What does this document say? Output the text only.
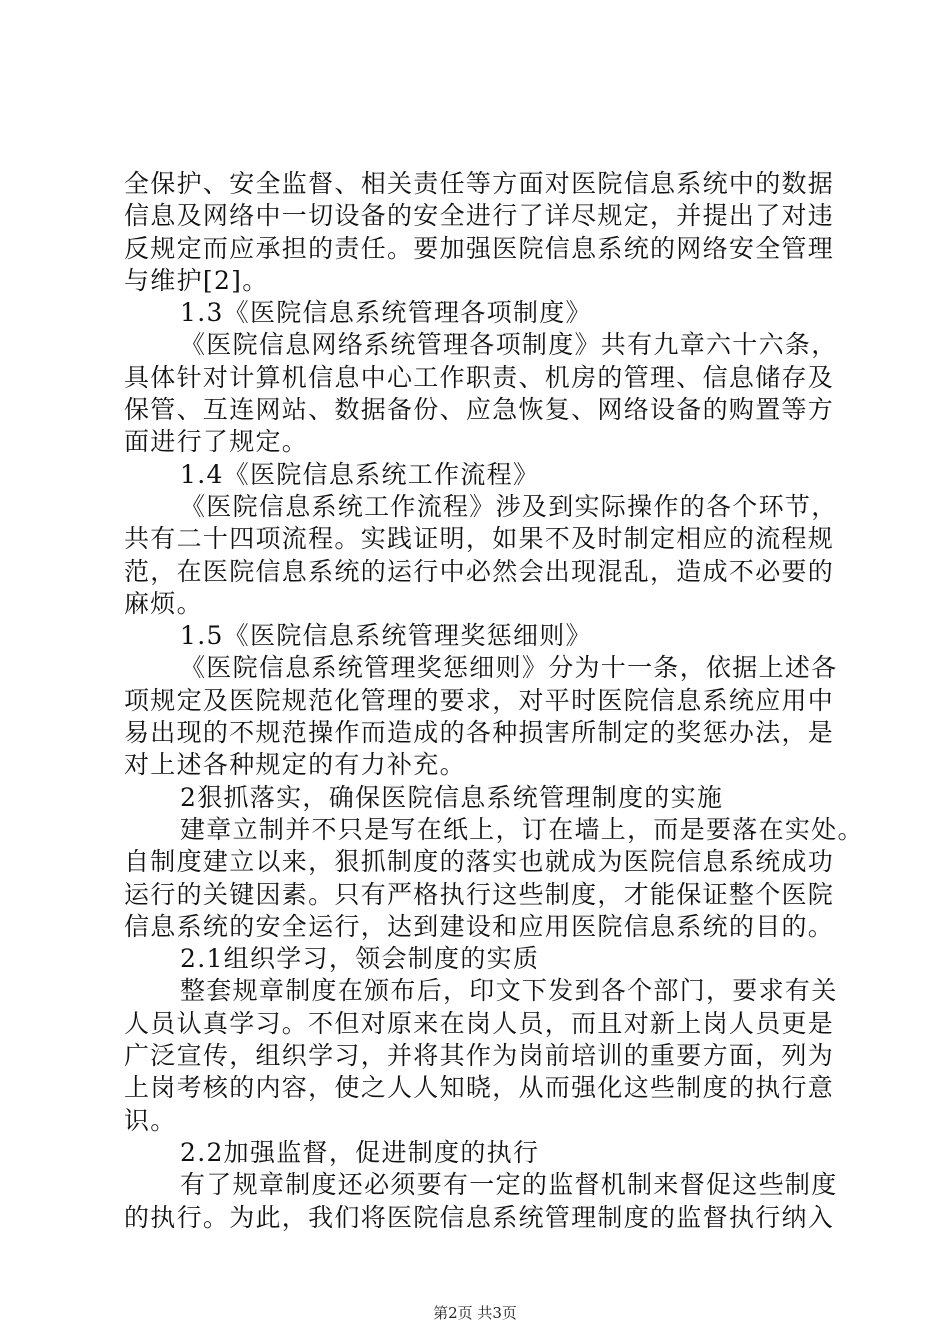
全保护、安全监督、相关责任等方面对医院信息系统中的数据
信息及网络中一切设备的安全进行了详尽规定，并提出了对违
反规定而应承担的责任。要加强医院信息系统的网络安全管理
与维护[2]。
1.3《医院信息系统管理各项制度》
《医院信息网络系统管理各项制度》共有九章六十六条，
具体针对计算机信息中心工作职责、机房的管理、信息储存及
保管、互连网站、数据备份、应急恢复、网络设备的购置等方
面进行了规定。
1.4《医院信息系统工作流程》
《医院信息系统工作流程》涉及到实际操作的各个环节，
共有二十四项流程。实践证明，如果不及时制定相应的流程规
范，在医院信息系统的运行中必然会出现混乱，造成不必要的
麻烦。
1.5《医院信息系统管理奖惩细则》
《医院信息系统管理奖惩细则》分为十一条，依据上述各
项规定及医院规范化管理的要求，对平时医院信息系统应用中
易出现的不规范操作而造成的各种损害所制定的奖惩办法，是
对上述各种规定的有力补充。
2狠抓落实，确保医院信息系统管理制度的实施
建章立制并不只是写在纸上，订在墙上，而是要落在实处。
自制度建立以来，狠抓制度的落实也就成为医院信息系统成功
运行的关键因素。只有严格执行这些制度，才能保证整个医院
信息系统的安全运行，达到建设和应用医院信息系统的目的。
2.1组织学习，领会制度的实质
整套规章制度在颁布后，印文下发到各个部门，要求有关
人员认真学习。不但对原来在岗人员，而且对新上岗人员更是
广泛宣传，组织学习，并将其作为岗前培训的重要方面，列为
上岗考核的内容，使之人人知晓，从而强化这些制度的执行意
识。
2.2加强监督，促进制度的执行
有了规章制度还必须要有一定的监督机制来督促这些制度
的执行。为此，我们将医院信息系统管理制度的监督执行纳入
第2页 共3页
